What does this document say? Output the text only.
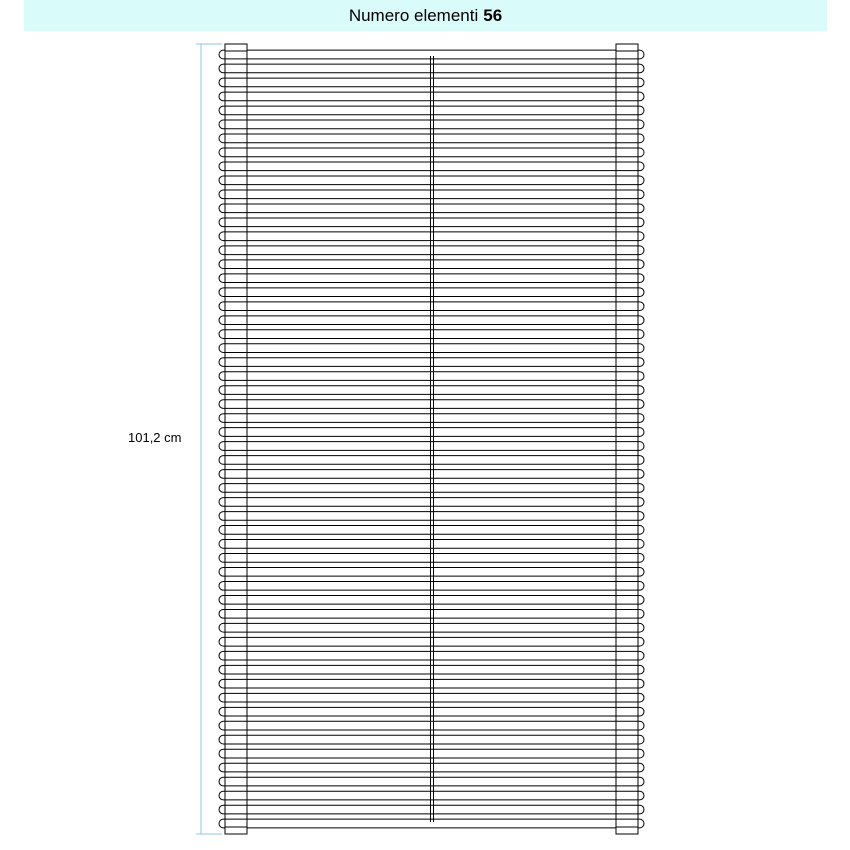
Numero elementi 56
101,2 cm
